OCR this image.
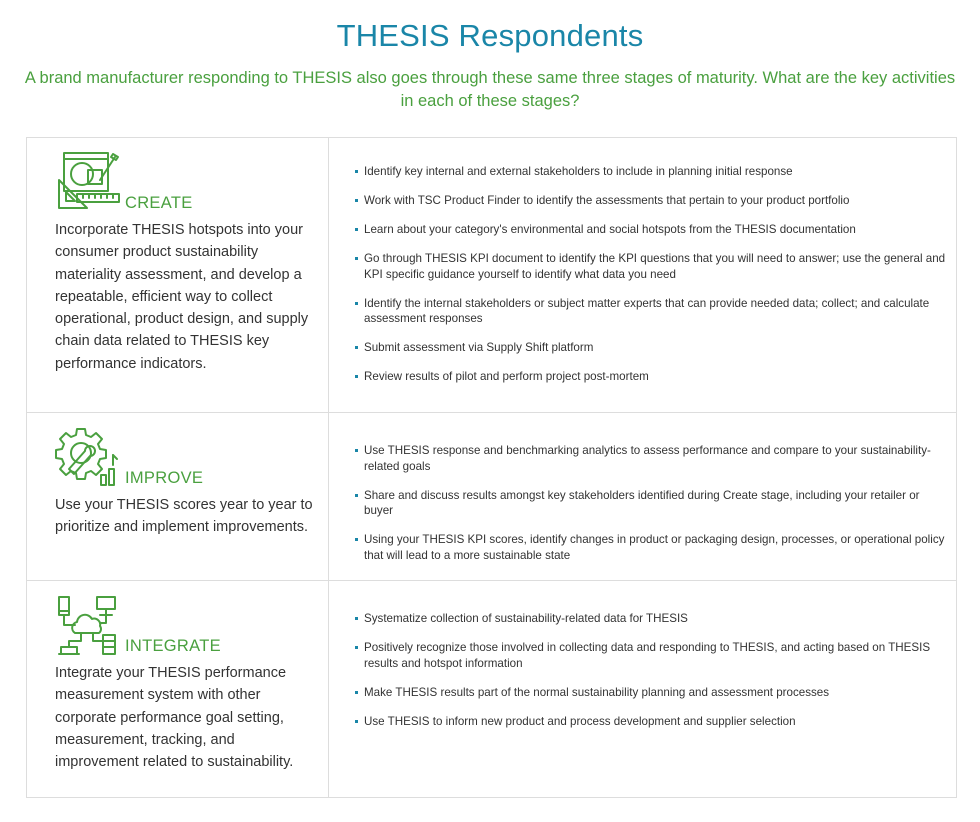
THESIS Respondents
A brand manufacturer responding to THESIS also goes through these same three stages of maturity. What are the key activities in each of these stages?
CREATE
Incorporate THESIS hotspots into your consumer product sustainability materiality assessment, and develop a repeatable, efficient way to collect operational, product design, and supply chain data related to THESIS key performance indicators.
Identify key internal and external stakeholders to include in planning initial response
Work with TSC Product Finder to identify the assessments that pertain to your product portfolio
Learn about your category's environmental and social hotspots from the THESIS documentation
Go through THESIS KPI document to identify the KPI questions that you will need to answer; use the general and KPI specific guidance yourself to identify what data you need
Identify the internal stakeholders or subject matter experts that can provide needed data; collect; and calculate assessment responses
Submit assessment via Supply Shift platform
Review results of pilot and perform project post-mortem
IMPROVE
Use your THESIS scores year to year to prioritize and implement improvements.
Use THESIS response and benchmarking analytics to assess performance and compare to your sustainability-related goals
Share and discuss results amongst key stakeholders identified during Create stage, including your retailer or buyer
Using your THESIS KPI scores, identify changes in product or packaging design, processes, or operational policy that will lead to a more sustainable state
INTEGRATE
Integrate your THESIS performance measurement system with other corporate performance goal setting, measurement, tracking, and improvement related to sustainability.
Systematize collection of sustainability-related data for THESIS
Positively recognize those involved in collecting data and responding to THESIS, and acting based on THESIS results and hotspot information
Make THESIS results part of the normal sustainability planning and assessment processes
Use THESIS to inform new product and process development and supplier selection
